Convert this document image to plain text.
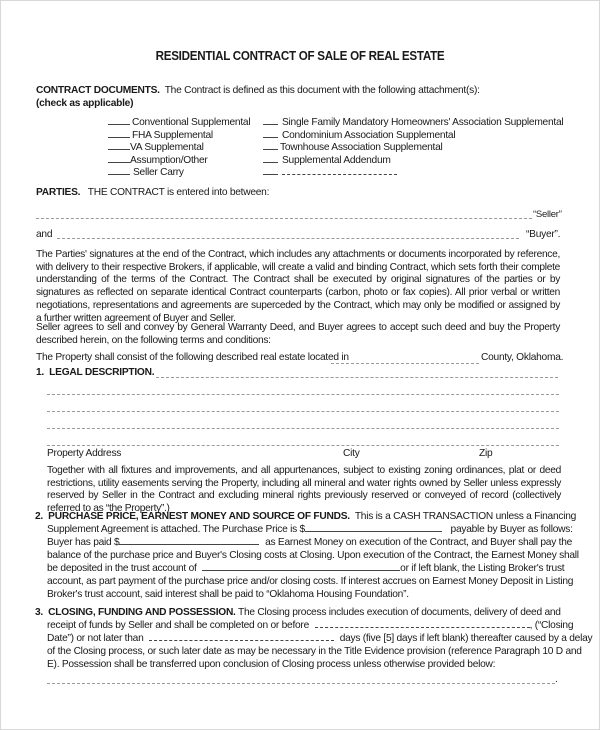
RESIDENTIAL CONTRACT OF SALE OF REAL ESTATE
CONTRACT DOCUMENTS. The Contract is defined as this document with the following attachment(s):
(check as applicable)
Conventional Supplemental
FHA Supplemental
VA Supplemental
Assumption/Other
Seller Carry
Single Family Mandatory Homeowners' Association Supplemental
Condominium Association Supplemental
Townhouse Association Supplemental
Supplemental Addendum
PARTIES. THE CONTRACT is entered into between:
“Seller”
and	“Buyer”.
The Parties' signatures at the end of the Contract, which includes any attachments or documents incorporated by reference, with delivery to their respective Brokers, if applicable, will create a valid and binding Contract, which sets forth their complete understanding of the terms of the Contract. The Contract shall be executed by original signatures of the parties or by signatures as reflected on separate identical Contract counterparts (carbon, photo or fax copies). All prior verbal or written negotiations, representations and agreements are superceded by the Contract, which may only be modified or assigned by a further written agreement of Buyer and Seller.
Seller agrees to sell and convey by General Warranty Deed, and Buyer agrees to accept such deed and buy the Property described herein, on the following terms and conditions:
The Property shall consist of the following described real estate located in	County, Oklahoma.
1. LEGAL DESCRIPTION.
Property Address	City	Zip
Together with all fixtures and improvements, and all appurtenances, subject to existing zoning ordinances, plat or deed restrictions, utility easements serving the Property, including all mineral and water rights owned by Seller unless expressly reserved by Seller in the Contract and excluding mineral rights previously reserved or conveyed of record (collectively referred to as “the Property”.)
2. PURCHASE PRICE, EARNEST MONEY AND SOURCE OF FUNDS. This is a CASH TRANSACTION unless a Financing
Supplement Agreement is attached. The Purchase Price is $	payable by Buyer as follows:
Buyer has paid $	as Earnest Money on execution of the Contract, and Buyer shall pay the
balance of the purchase price and Buyer's Closing costs at Closing. Upon execution of the Contract, the Earnest Money shall
be deposited in the trust account of	or if left blank, the Listing Broker's trust
account, as part payment of the purchase price and/or closing costs. If interest accrues on Earnest Money Deposit in Listing
Broker's trust account, said interest shall be paid to “Oklahoma Housing Foundation”.
3. CLOSING, FUNDING AND POSSESSION. The Closing process includes execution of documents, delivery of deed and
receipt of funds by Seller and shall be completed on or before	, (“Closing
Date”) or not later than	days (five [5] days if left blank) thereafter caused by a delay
of the Closing process, or such later date as may be necessary in the Title Evidence provision (reference Paragraph 10 D and
E). Possession shall be transferred upon conclusion of Closing process unless otherwise provided below:
.
